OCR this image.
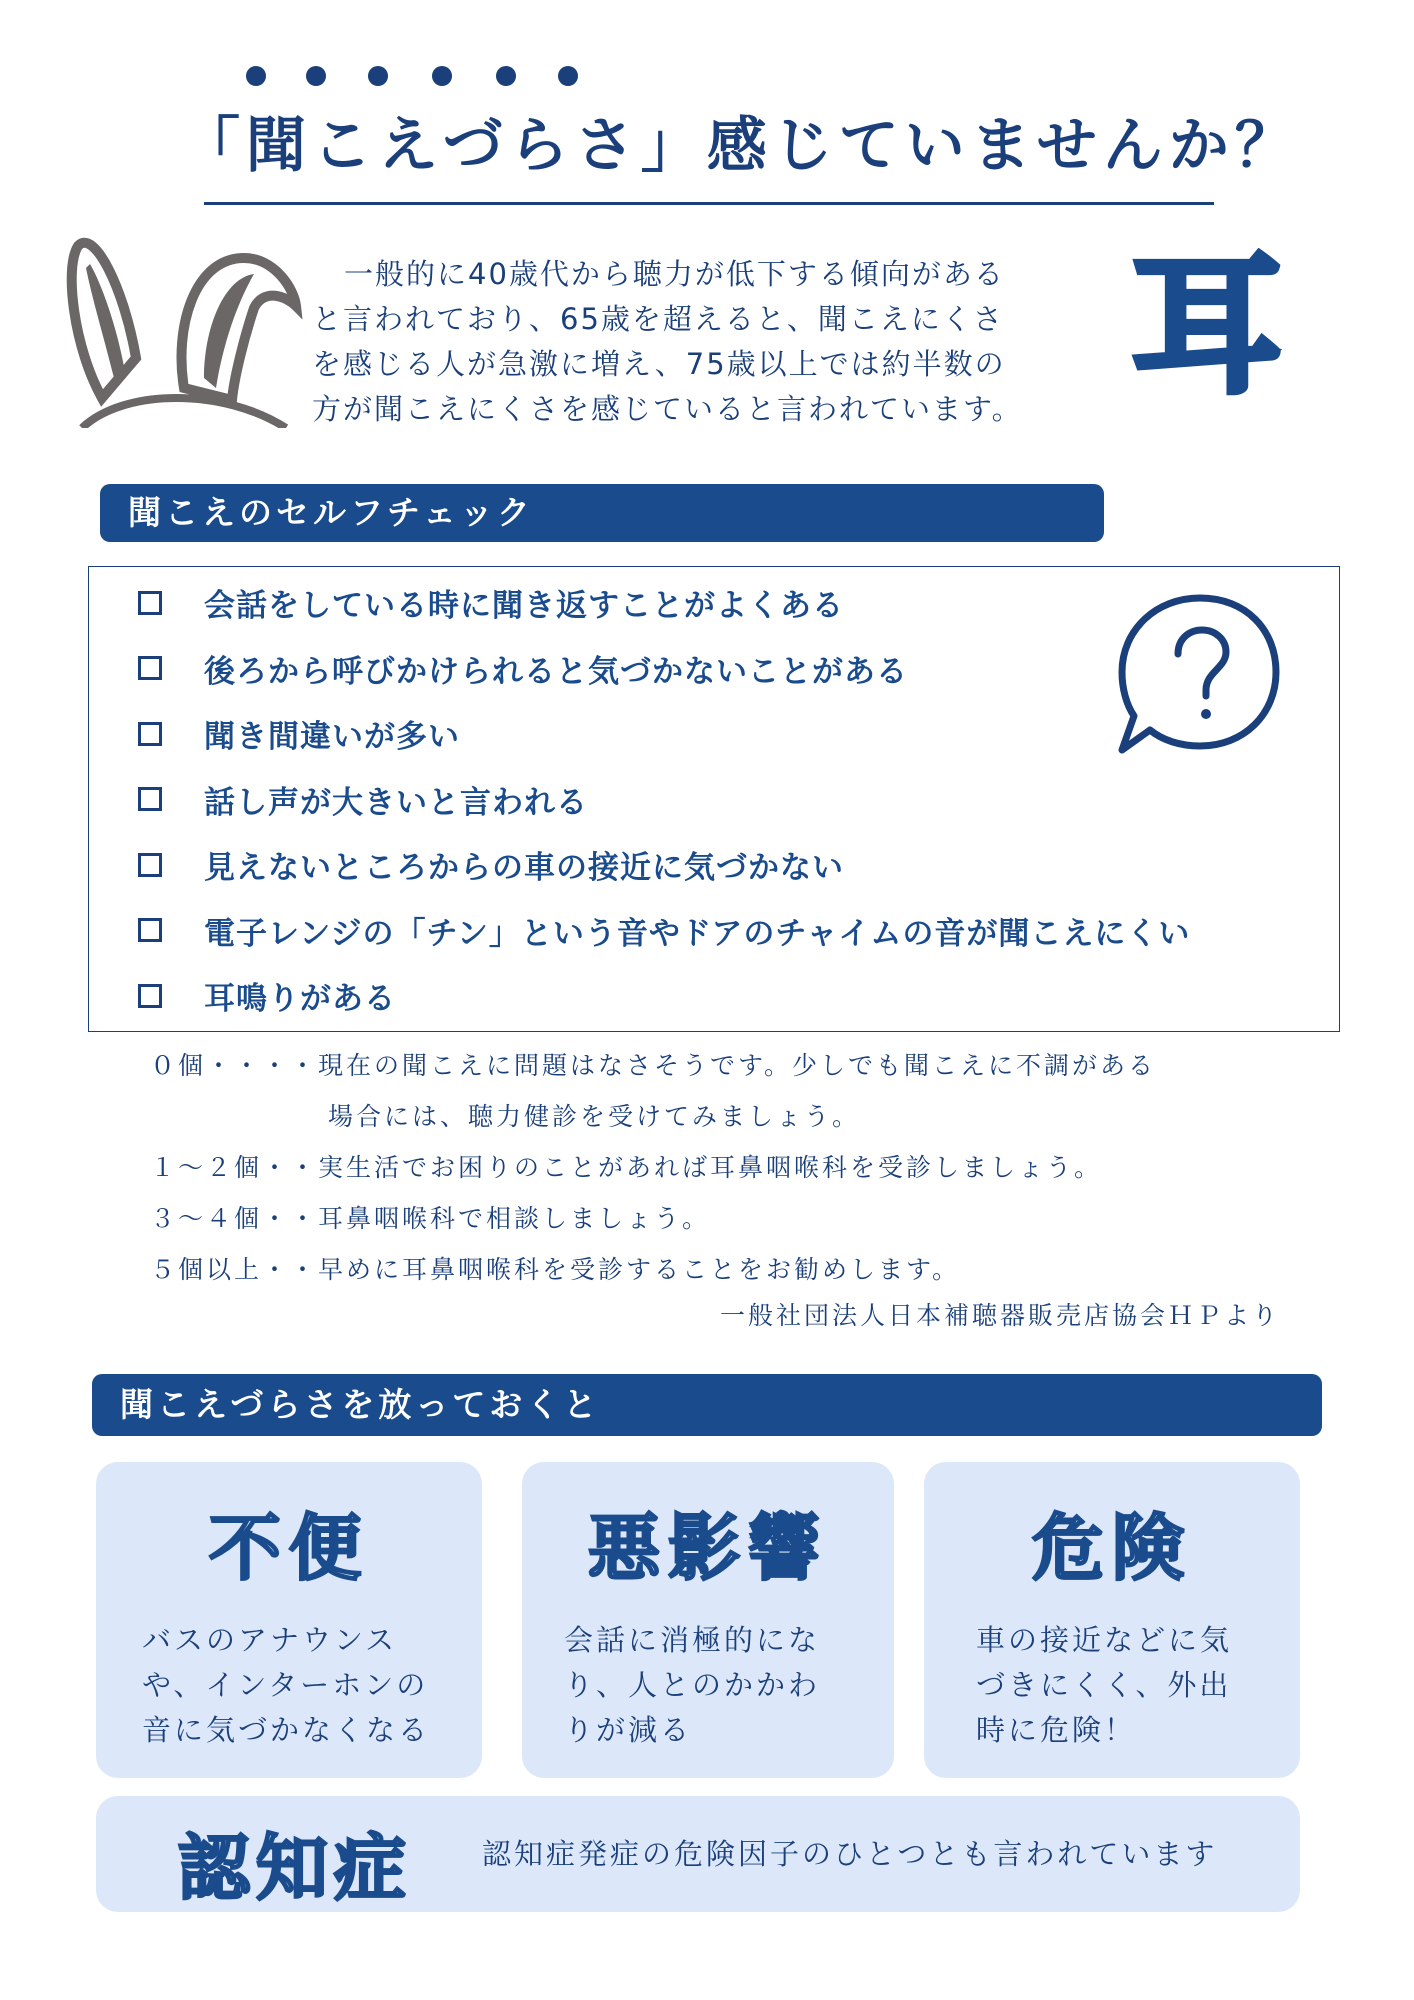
「聞こえづらさ」感じていませんか？

一般的に40歳代から聴力が低下する傾向がある

と言われており、65歳を超えると、聞こえにくさ

を感じる人が急激に増え、75歳以上では約半数の

方が聞こえにくさを感じていると言われています。 耳
聞こえのセルフチェック
会話をしている時に聞き返すことがよくある
後ろから呼びかけられると気づかないことがある
聞き間違いが多い
話し声が大きいと言われる
見えないところからの車の接近に気づかない
電子レンジの「チン」という音やドアのチャイムの音が聞こえにくい
耳鳴りがある
０個・・・・現在の聞こえに問題はなさそうです。少しでも聞こえに不調がある
場合には、聴力健診を受けてみましょう。
１～２個・・実生活でお困りのことがあれば耳鼻咽喉科を受診しましょう。
３～４個・・耳鼻咽喉科で相談しましょう。
５個以上・・早めに耳鼻咽喉科を受診することをお勧めします。
一般社団法人日本補聴器販売店協会ＨＰより
聞こえづらさを放っておくと
不便
バスのアナウンス
や、インターホンの
音に気づかなくなる
悪影響
会話に消極的にな
り、人とのかかわ
りが減る
危険
車の接近などに気
づきにくく、外出
時に危険！
認知症 認知症発症の危険因子のひとつとも言われています
